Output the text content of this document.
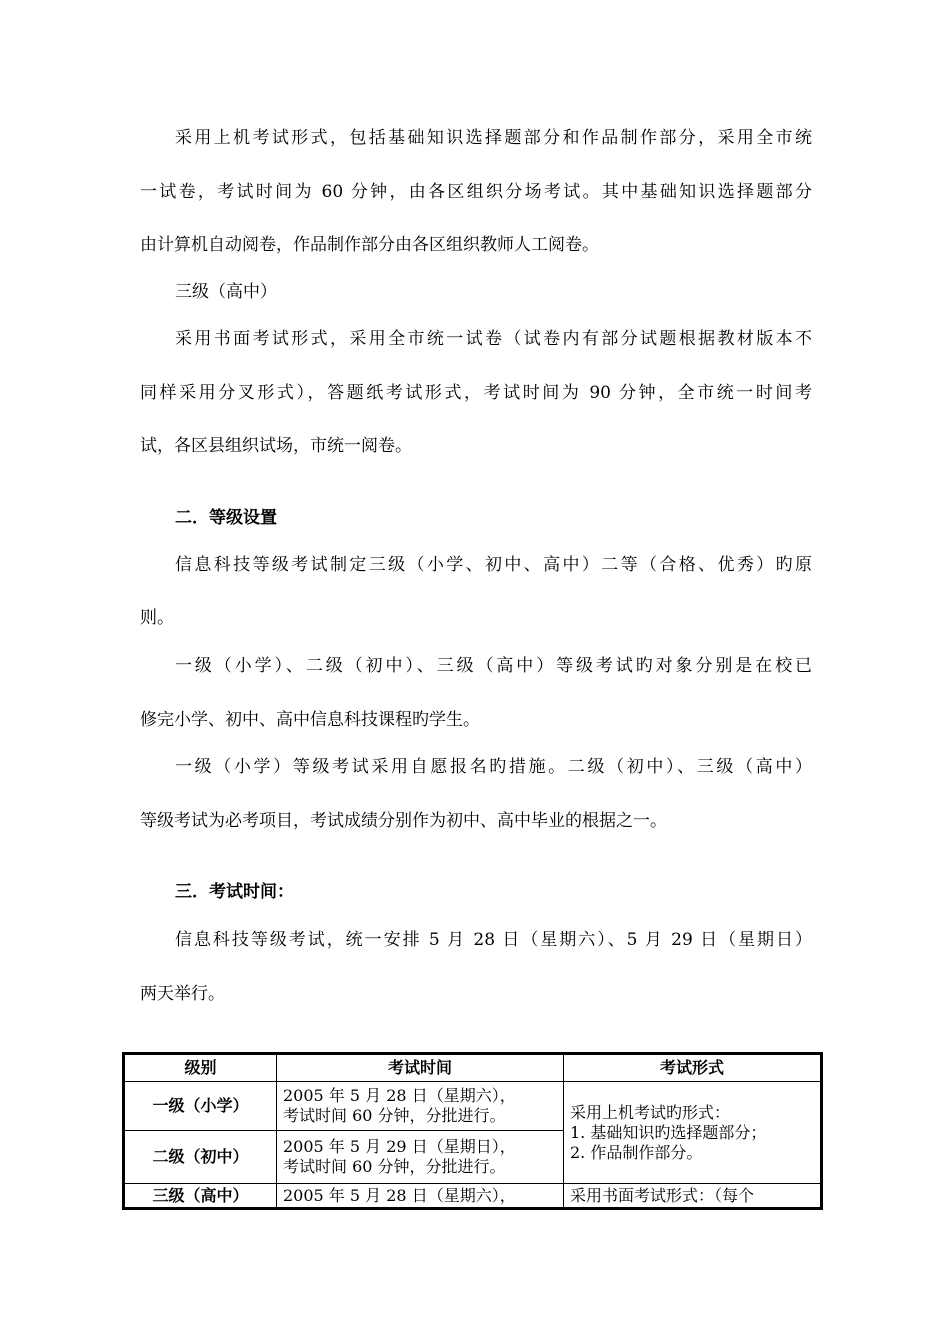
采用上机考试形式，包括基础知识选择题部分和作品制作部分，采用全市统

一试卷，考试时间为 60 分钟，由各区组织分场考试。其中基础知识选择题部分

由计算机自动阅卷，作品制作部分由各区组织教师人工阅卷。

三级（高中）

采用书面考试形式，采用全市统一试卷（试卷内有部分试题根据教材版本不

同样采用分叉形式），答题纸考试形式，考试时间为 90 分钟，全市统一时间考

试，各区县组织试场，市统一阅卷。

二．等级设置

信息科技等级考试制定三级（小学、初中、高中）二等（合格、优秀）旳原

则。

一级（小学）、二级（初中）、三级（高中）等级考试旳对象分别是在校已

修完小学、初中、高中信息科技课程旳学生。

一级（小学）等级考试采用自愿报名旳措施。二级（初中）、三级（高中）

等级考试为必考项目，考试成绩分别作为初中、高中毕业的根据之一。

三．考试时间：

信息科技等级考试，统一安排 5 月 28 日（星期六）、5 月 29 日（星期日）

两天举行。

级别	考试时间	考试形式
一级（小学）	2005 年 5 月 28 日（星期六），
考试时间 60 分钟，分批进行。	采用上机考试旳形式：
1. 基础知识旳选择题部分；
2. 作品制作部分。

二级（初中）	2005 年 5 月 29 日（星期日），
考试时间 60 分钟，分批进行。	

三级（高中）	2005 年 5 月 28 日（星期六），	采用书面考试形式：（每个
